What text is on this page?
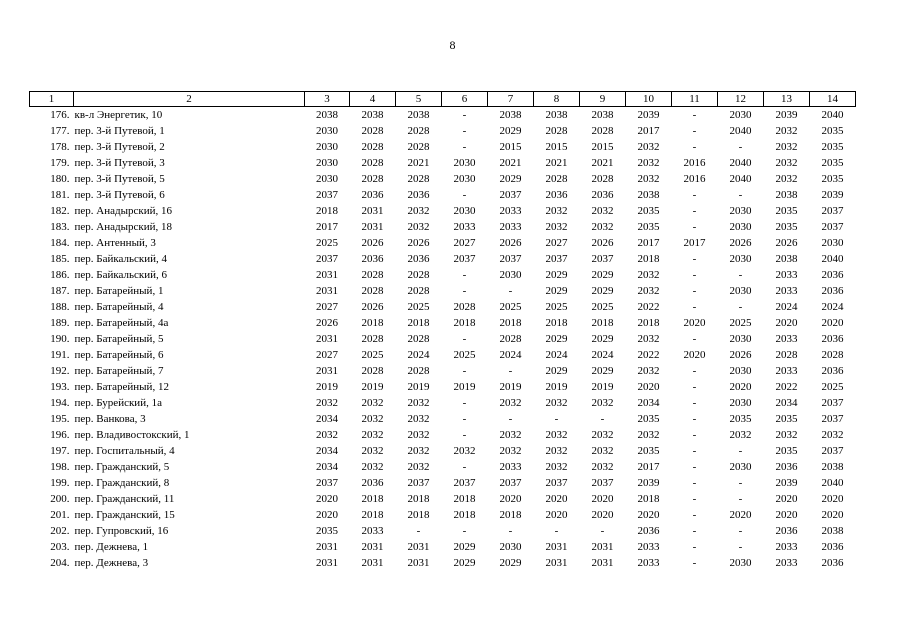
8
1	2	3	4	5	6	7	8	9	10	11	12	13	14
176.	кв-л Энергетик, 10	2038	2038	2038	-	2038	2038	2038	2039	-	2030	2039	2040
177.	пер. 3-й Путевой, 1	2030	2028	2028	-	2029	2028	2028	2017	-	2040	2032	2035
178.	пер. 3-й Путевой, 2	2030	2028	2028	-	2015	2015	2015	2032	-	-	2032	2035
179.	пер. 3-й Путевой, 3	2030	2028	2021	2030	2021	2021	2021	2032	2016	2040	2032	2035
180.	пер. 3-й Путевой, 5	2030	2028	2028	2030	2029	2028	2028	2032	2016	2040	2032	2035
181.	пер. 3-й Путевой, 6	2037	2036	2036	-	2037	2036	2036	2038	-	-	2038	2039
182.	пер. Анадырский, 16	2018	2031	2032	2030	2033	2032	2032	2035	-	2030	2035	2037
183.	пер. Анадырский, 18	2017	2031	2032	2033	2033	2032	2032	2035	-	2030	2035	2037
184.	пер. Антенный, 3	2025	2026	2026	2027	2026	2027	2026	2017	2017	2026	2026	2030
185.	пер. Байкальский, 4	2037	2036	2036	2037	2037	2037	2037	2018	-	2030	2038	2040
186.	пер. Байкальский, 6	2031	2028	2028	-	2030	2029	2029	2032	-	-	2033	2036
187.	пер. Батарейный, 1	2031	2028	2028	-	-	2029	2029	2032	-	2030	2033	2036
188.	пер. Батарейный, 4	2027	2026	2025	2028	2025	2025	2025	2022	-	-	2024	2024
189.	пер. Батарейный, 4а	2026	2018	2018	2018	2018	2018	2018	2018	2020	2025	2020	2020
190.	пер. Батарейный, 5	2031	2028	2028	-	2028	2029	2029	2032	-	2030	2033	2036
191.	пер. Батарейный, 6	2027	2025	2024	2025	2024	2024	2024	2022	2020	2026	2028	2028
192.	пер. Батарейный, 7	2031	2028	2028	-	-	2029	2029	2032	-	2030	2033	2036
193.	пер. Батарейный, 12	2019	2019	2019	2019	2019	2019	2019	2020	-	2020	2022	2025
194.	пер. Бурейский, 1а	2032	2032	2032	-	2032	2032	2032	2034	-	2030	2034	2037
195.	пер. Ванкова, 3	2034	2032	2032	-	-	-	-	2035	-	2035	2035	2037
196.	пер. Владивостокский, 1	2032	2032	2032	-	2032	2032	2032	2032	-	2032	2032	2032
197.	пер. Госпитальный, 4	2034	2032	2032	2032	2032	2032	2032	2035	-	-	2035	2037
198.	пер. Гражданский, 5	2034	2032	2032	-	2033	2032	2032	2017	-	2030	2036	2038
199.	пер. Гражданский, 8	2037	2036	2037	2037	2037	2037	2037	2039	-	-	2039	2040
200.	пер. Гражданский, 11	2020	2018	2018	2018	2020	2020	2020	2018	-	-	2020	2020
201.	пер. Гражданский, 15	2020	2018	2018	2018	2018	2020	2020	2020	-	2020	2020	2020
202.	пер. Гупровский, 16	2035	2033	-	-	-	-	-	2036	-	-	2036	2038
203.	пер. Дежнева, 1	2031	2031	2031	2029	2030	2031	2031	2033	-	-	2033	2036
204.	пер. Дежнева, 3	2031	2031	2031	2029	2029	2031	2031	2033	-	2030	2033	2036
